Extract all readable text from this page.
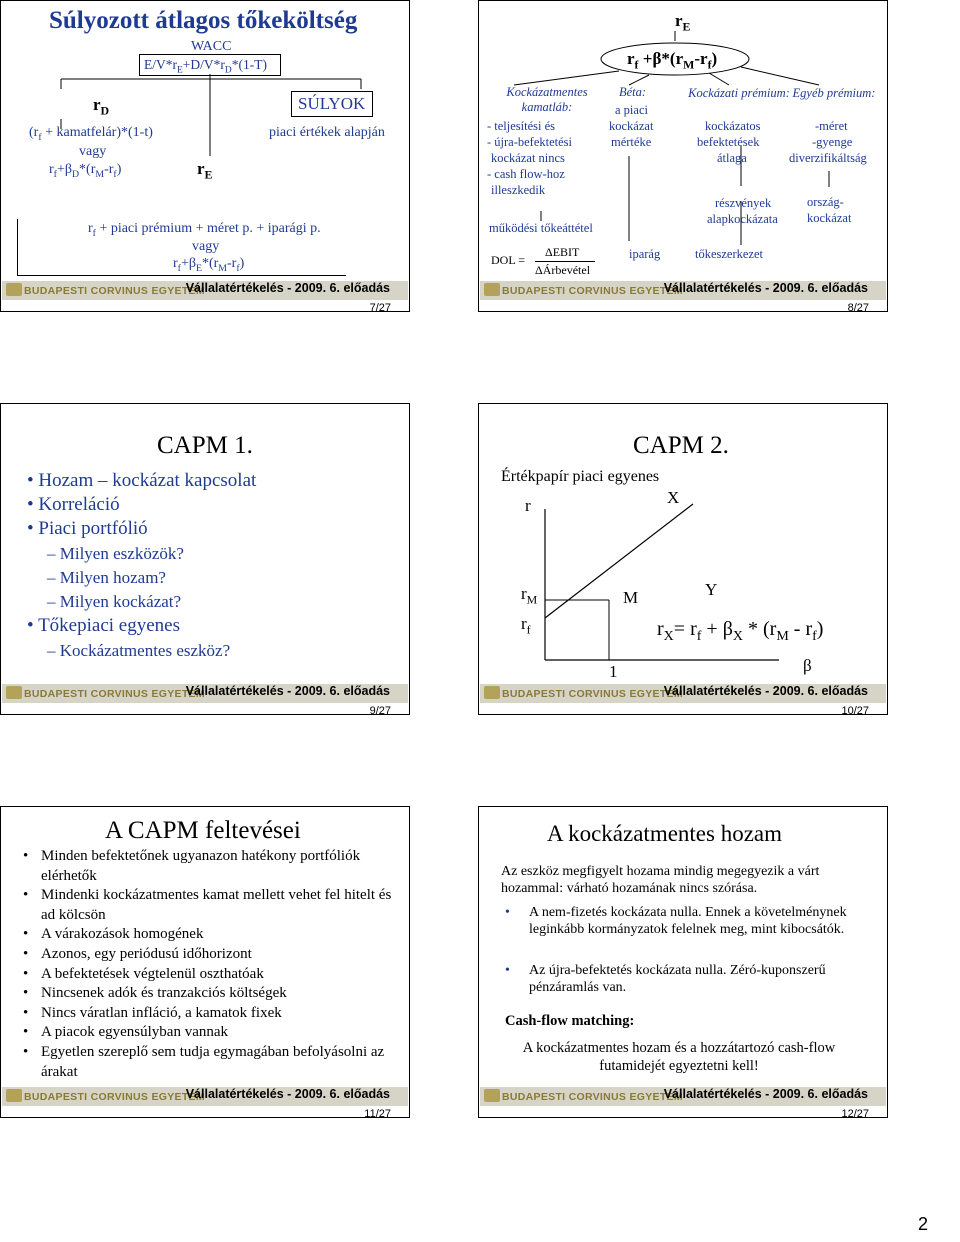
Súlyozott átlagos tőkeköltség
WACC
$E/V*r_E+D/V*r_D*(1-T)$
$r_D$
($r_f$ + kamatfelár)*(1-t)
vagy
$r_f+\beta_D*(r_M-r_f)$	$r_E$
SÚLYOK
piaci értékek alapján
$r_f$ + piaci prémium + méret p. + iparági p.
vagy
$r_f+\beta_E*(r_M-r_f)$
BUDAPESTI CORVINUS EGYETEM
Vállalatértékelés - 2009. 6. előadás
7/27
$r_E$
$r_f +\beta*(r_M-r_f)$
Kockázatmentes kamatláb:
- teljesítési és
- újra-befektetési
kockázat nincs
- cash flow-hoz
illeszkedik
Béta:
a piaci
kockázat
mértéke
Kockázati prémium:
kockázatos
befektetések
átlaga
Egyéb prémium:
-méret
-gyenge
diverzifikáltság
működési tőkeáttétel
DOL =
ΔEBIT
ΔÁrbevétel
iparág
részvények
alapkockázata
ország-
kockázat
tőkeszerkezet
BUDAPESTI CORVINUS EGYETEM
Vállalatértékelés - 2009. 6. előadás
8/27
CAPM 1.
• Hozam – kockázat kapcsolat
• Korreláció
• Piaci portfólió
– Milyen eszközök?
– Milyen hozam?
– Milyen kockázat?
• Tőkepiaci egyenes
– Kockázatmentes eszköz?
BUDAPESTI CORVINUS EGYETEM
Vállalatértékelés - 2009. 6. előadás
9/27
CAPM 2.
Értékpapír piaci egyenes
r	X
$r_M$
$r_f$
M	Y
$r_X= r_f + \beta_X * (r_M - r_f)$
1	β
BUDAPESTI CORVINUS EGYETEM
Vállalatértékelés - 2009. 6. előadás
10/27
A CAPM feltevései
• Minden befektetőnek ugyanazon hatékony portfóliók elérhetők
• Mindenki kockázatmentes kamat mellett vehet fel hitelt és ad kölcsön
• A várakozások homogének
• Azonos, egy periódusú időhorizont
• A befektetések végtelenül oszthatóak
• Nincsenek adók és tranzakciós költségek
• Nincs váratlan infláció, a kamatok fixek
• A piacok egyensúlyban vannak
• Egyetlen szereplő sem tudja egymagában befolyásolni az árakat
BUDAPESTI CORVINUS EGYETEM
Vállalatértékelés - 2009. 6. előadás
11/27
A kockázatmentes hozam
Az eszköz megfigyelt hozama mindig megegyezik a várt hozammal: várható hozamának nincs szórása.
• A nem-fizetés kockázata nulla. Ennek a követelménynek leginkább kormányzatok felelnek meg, mint kibocsátók.
• Az újra-befektetés kockázata nulla. Zéró-kuponszerű pénzáramlás van.
Cash-flow matching:
A kockázatmentes hozam és a hozzátartozó cash-flow futamidejét egyeztetni kell!
BUDAPESTI CORVINUS EGYETEM
Vállalatértékelés - 2009. 6. előadás
12/27
2
